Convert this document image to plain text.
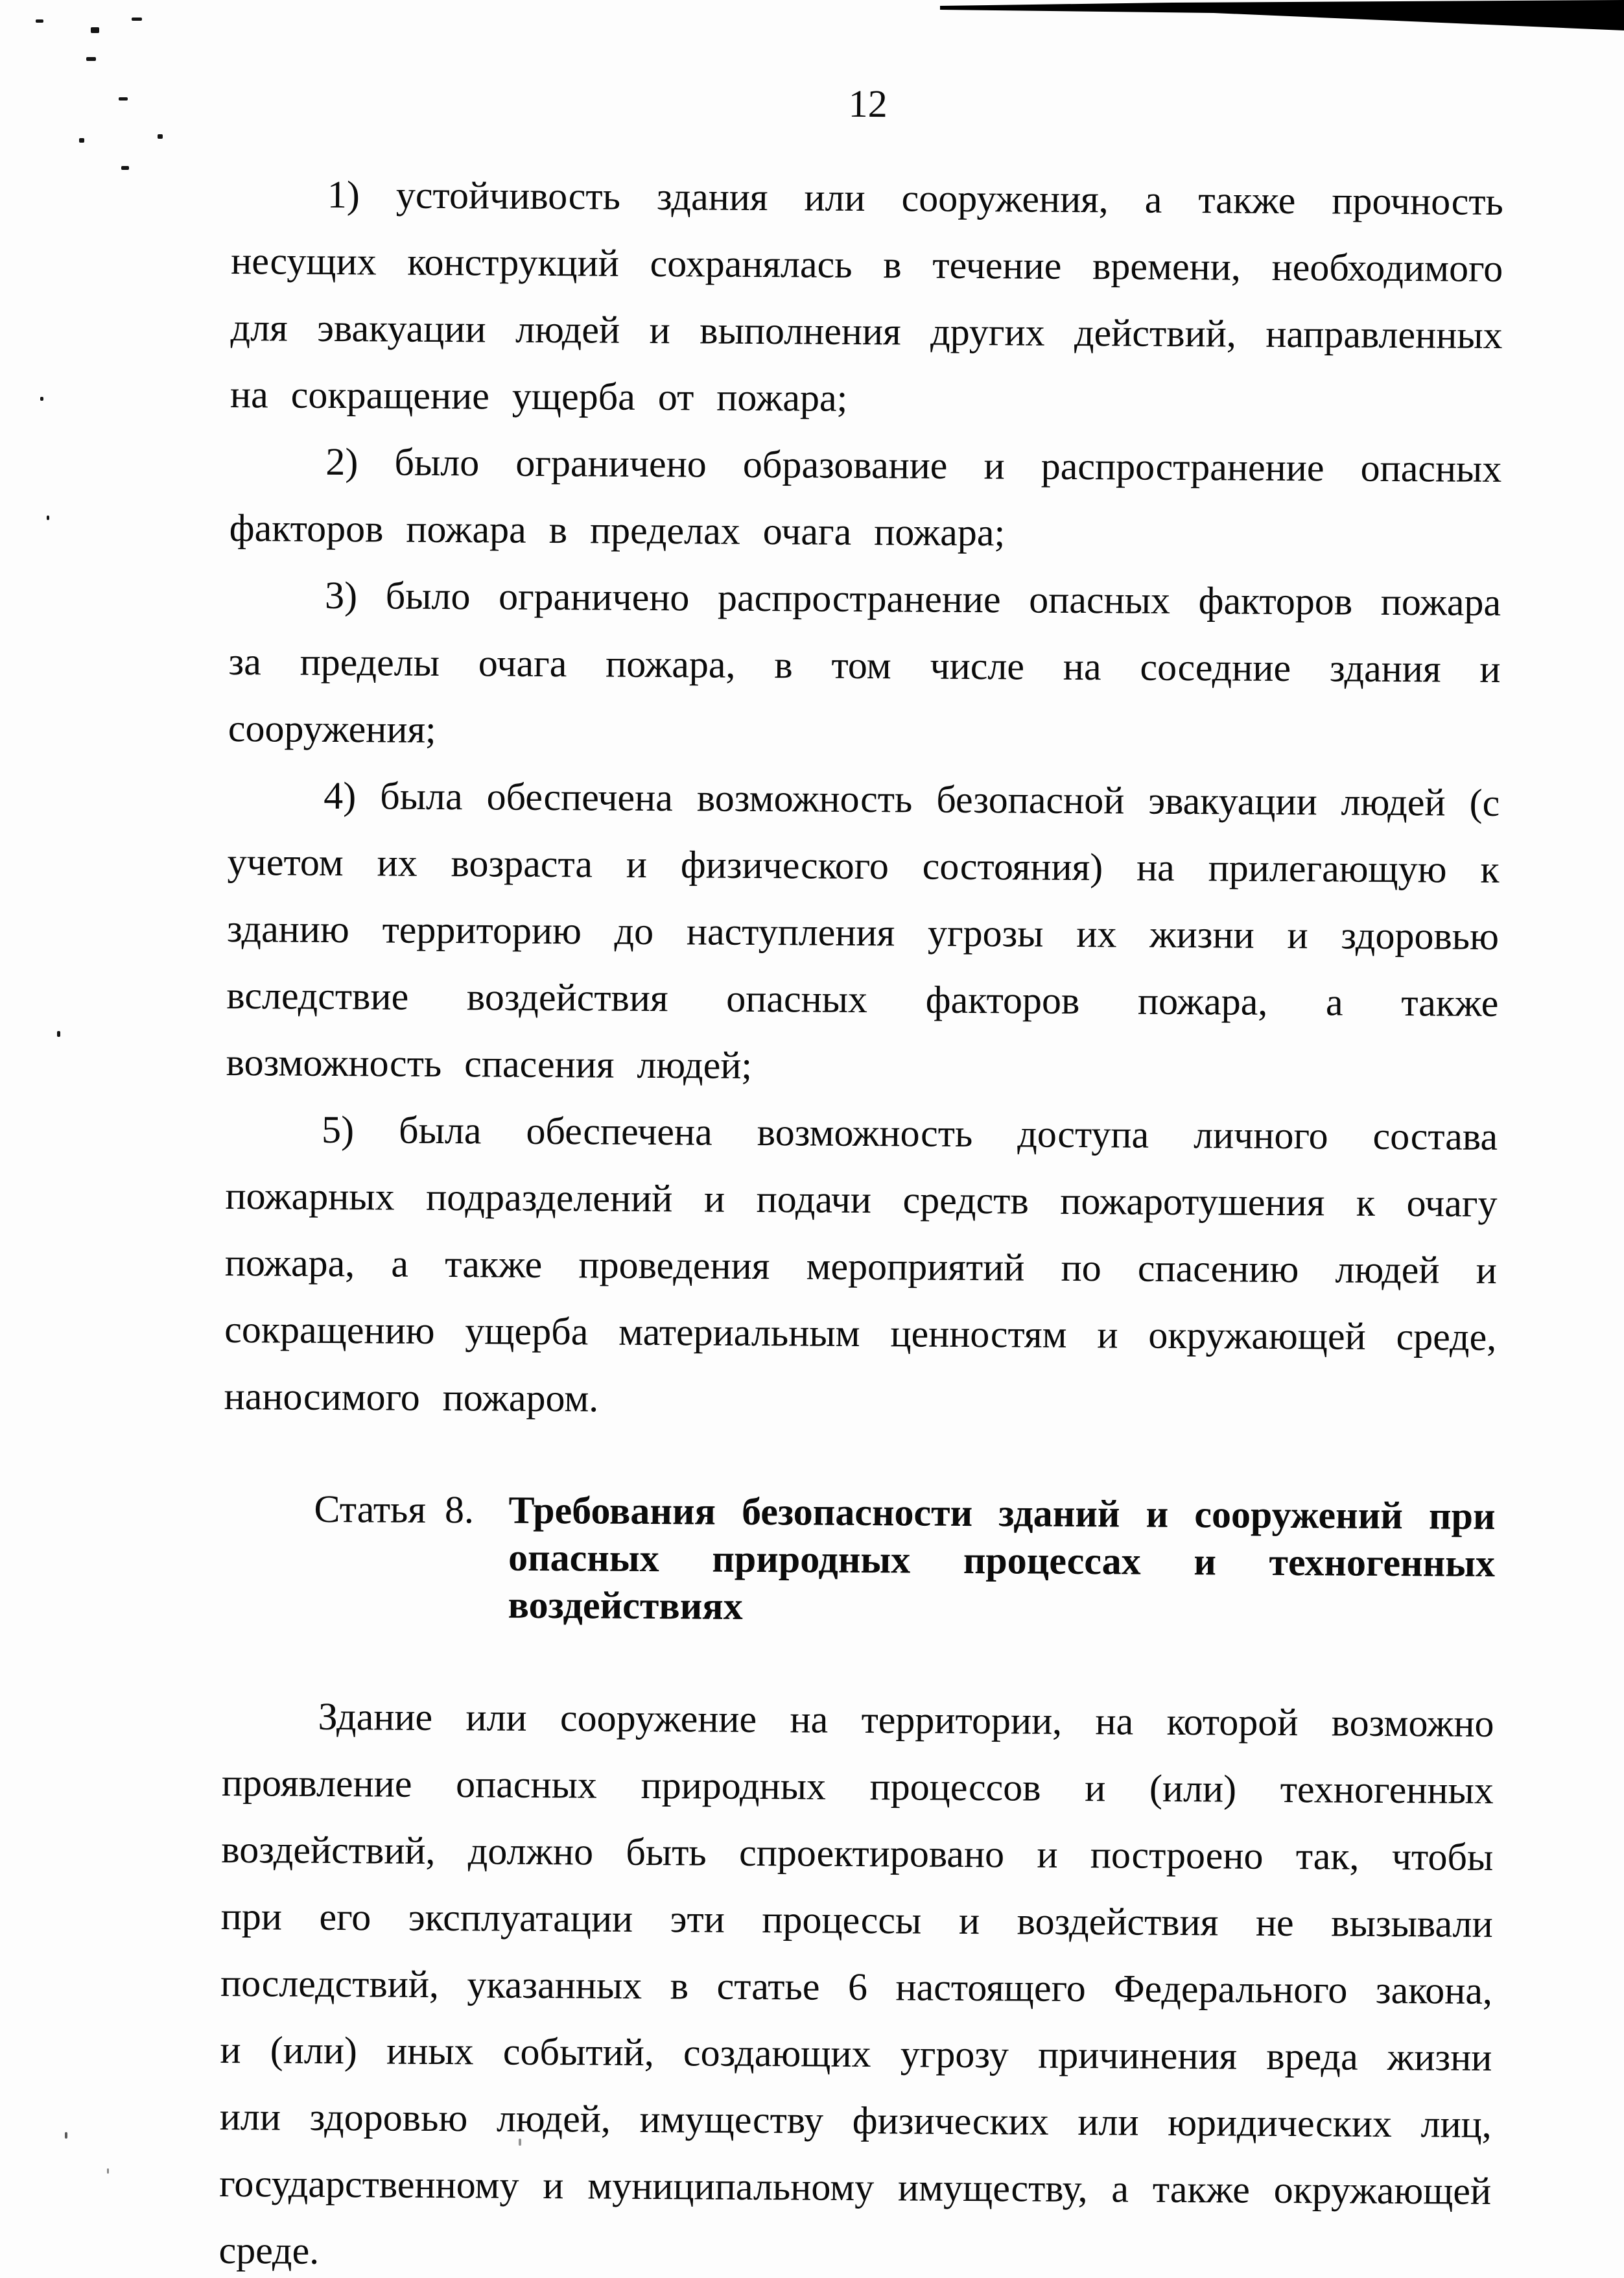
12

1) устойчивость здания или сооружения, а также прочность несущих конструкций сохранялась в течение времени, необходимого для эвакуации людей и выполнения других действий, направленных на сокращение ущерба от пожара;

2) было ограничено образование и распространение опасных факторов пожара в пределах очага пожара;

3) было ограничено распространение опасных факторов пожара за пределы очага пожара, в том числе на соседние здания и сооружения;

4) была обеспечена возможность безопасной эвакуации людей (с учетом их возраста и физического состояния) на прилегающую к зданию территорию до наступления угрозы их жизни и здоровью вследствие воздействия опасных факторов пожара, а также возможность спасения людей;

5) была обеспечена возможность доступа личного состава пожарных подразделений и подачи средств пожаротушения к очагу пожара, а также проведения мероприятий по спасению людей и сокращению ущерба материальным ценностям и окружающей среде, наносимого пожаром.

Статья 8. Требования безопасности зданий и сооружений при опасных природных процессах и техногенных воздействиях

Здание или сооружение на территории, на которой возможно проявление опасных природных процессов и (или) техногенных воздействий, должно быть спроектировано и построено так, чтобы при его эксплуатации эти процессы и воздействия не вызывали последствий, указанных в статье 6 настоящего Федерального закона, и (или) иных событий, создающих угрозу причинения вреда жизни или здоровью людей, имуществу физических или юридических лиц, государственному и муниципальному имуществу, а также окружающей среде.
